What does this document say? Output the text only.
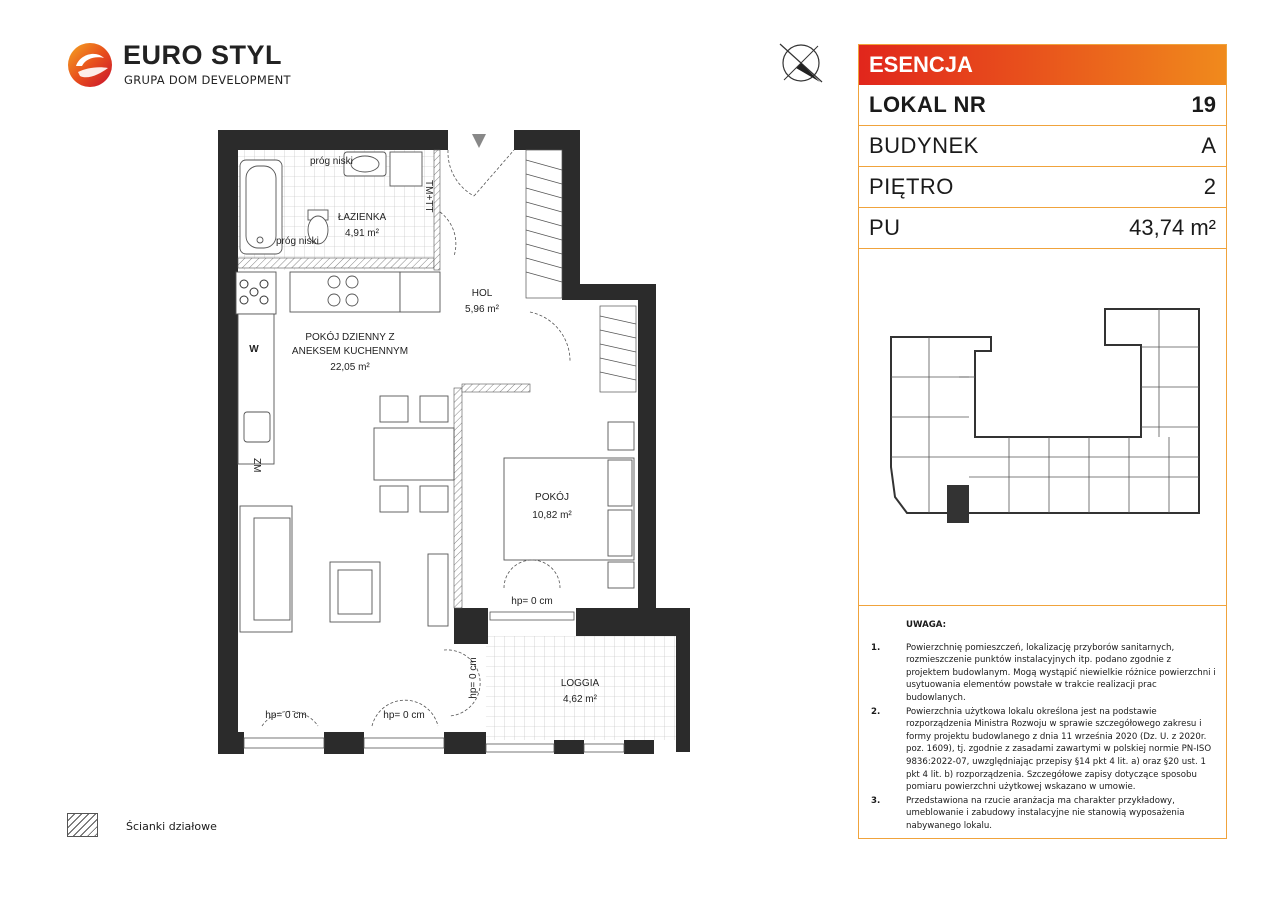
EURO STYL
GRUPA DOM DEVELOPMENT
ŁAZIENKA
4,91 m²
HOL
5,96 m²
POKÓJ DZIENNY Z
ANEKSEM KUCHENNYM
22,05 m²
POKÓJ
10,82 m²
LOGGIA
4,62 m²
próg niski
próg niski
hp= 0 cm
hp= 0 cm	hp= 0 cm
hp= 0 cm
W
TM+TT
ZM
ESENCJA
LOKAL NR	19
BUDYNEK	A
PIĘTRO	2
PU	43,74 m²
UWAGA:
1.	Powierzchnię pomieszczeń, lokalizację przyborów sanitarnych, rozmieszczenie punktów instalacyjnych itp. podano zgodnie z projektem budowlanym. Mogą wystąpić niewielkie różnice powierzchni i usytuowania elementów powstałe w trakcie realizacji prac budowlanych.
2.	Powierzchnia użytkowa lokalu określona jest na podstawie rozporządzenia Ministra Rozwoju w sprawie szczegółowego zakresu i formy projektu budowlanego z dnia 11 września 2020 (Dz. U. z 2020r. poz. 1609), tj. zgodnie z zasadami zawartymi w polskiej normie PN-ISO 9836:2022-07, uwzględniając przepisy §14 pkt 4 lit. a) oraz §20 ust. 1 pkt 4 lit. b) rozporządzenia. Szczegółowe zapisy dotyczące sposobu pomiaru powierzchni użytkowej wskazano w umowie.
3.	Przedstawiona na rzucie aranżacja ma charakter przykładowy, umeblowanie i zabudowy instalacyjne nie stanowią wyposażenia nabywanego lokalu.
Ścianki działowe
